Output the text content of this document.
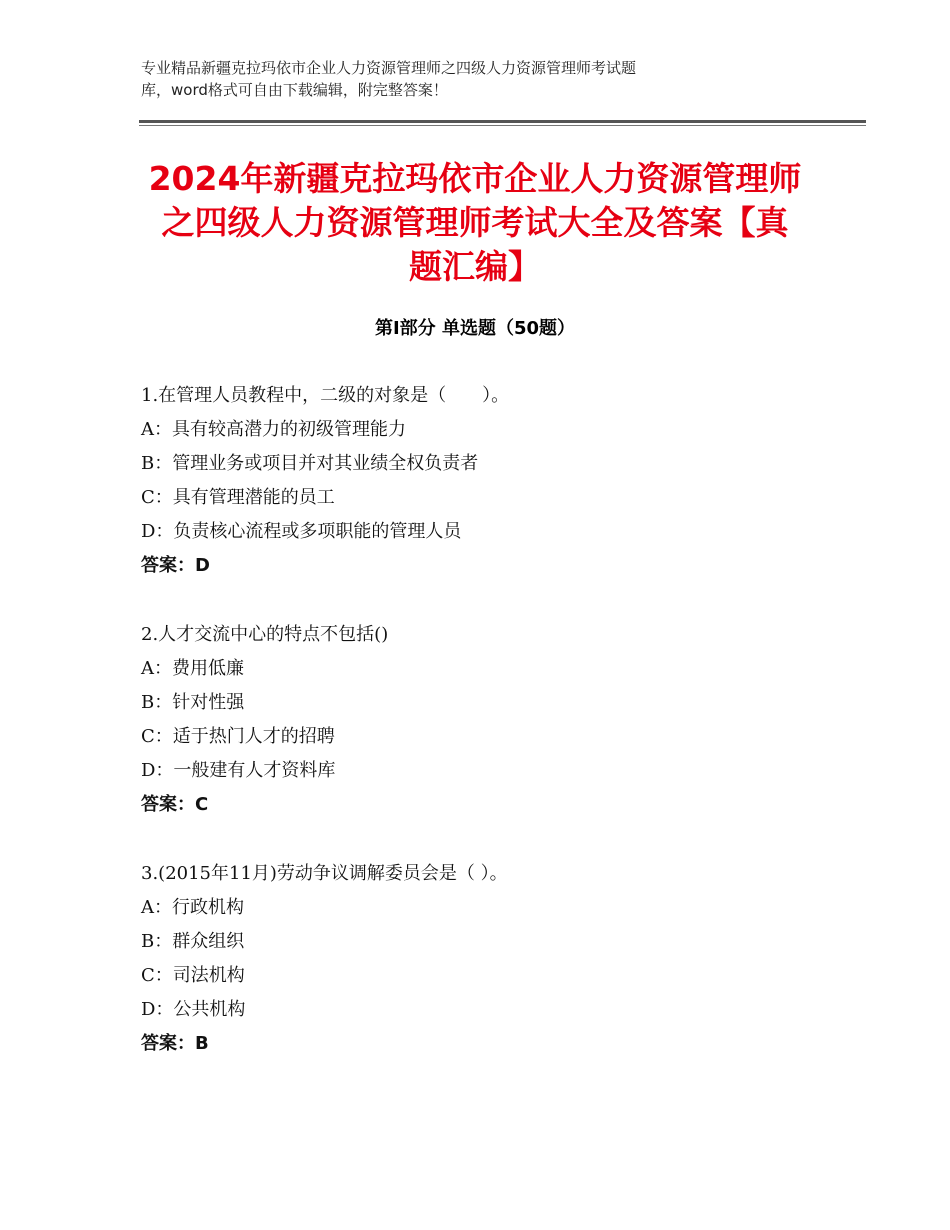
专业精品新疆克拉玛依市企业人力资源管理师之四级人力资源管理师考试题
库，word格式可自由下载编辑，附完整答案！
2024年新疆克拉玛依市企业人力资源管理师
之四级人力资源管理师考试大全及答案【真
题汇编】
第Ⅰ部分 单选题（50题）
1.在管理人员教程中，二级的对象是（　　）。
A：具有较高潜力的初级管理能力
B：管理业务或项目并对其业绩全权负责者
C：具有管理潜能的员工
D：负责核心流程或多项职能的管理人员
答案：D
2.人才交流中心的特点不包括()
A：费用低廉
B：针对性强
C：适于热门人才的招聘
D：一般建有人才资料库
答案：C
3.(2015年11月)劳动争议调解委员会是（ ）。
A：行政机构
B：群众组织
C：司法机构
D：公共机构
答案：B
